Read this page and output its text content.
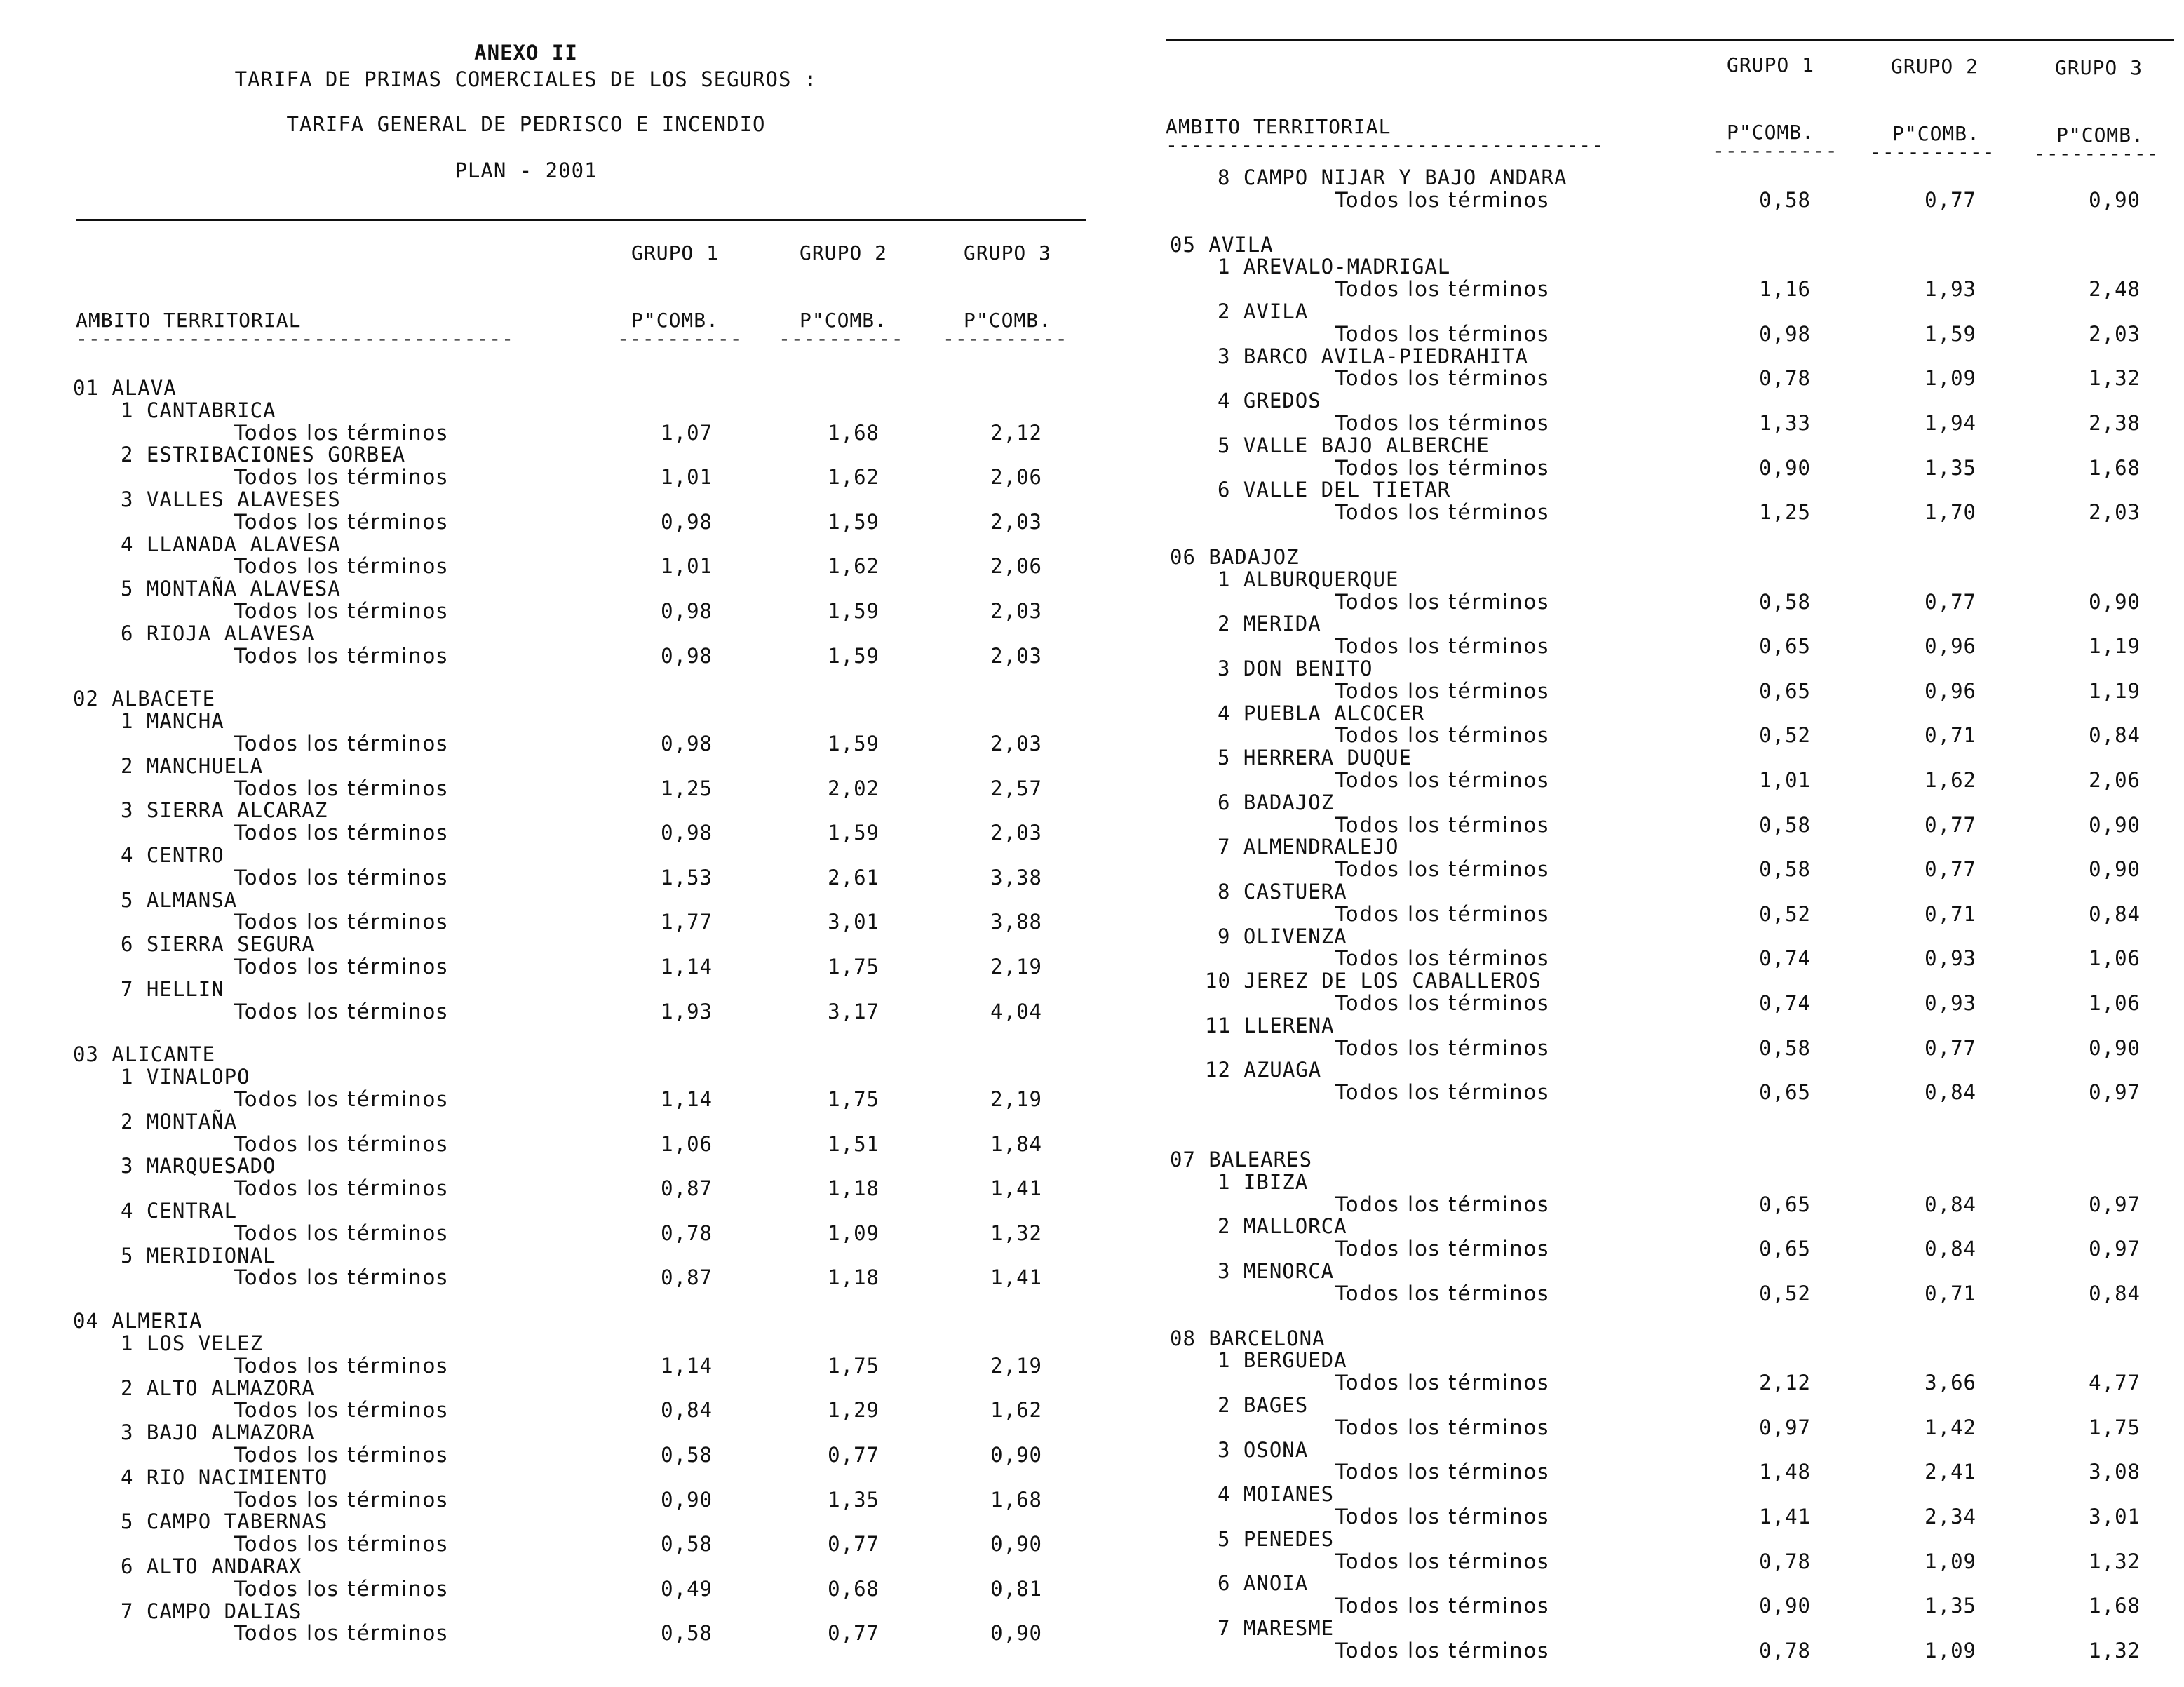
ANEXO II
TARIFA DE PRIMAS COMERCIALES DE LOS SEGUROS :
TARIFA GENERAL DE PEDRISCO E INCENDIO
PLAN - 2001
GRUPO 1	GRUPO 2	GRUPO 3
AMBITO TERRITORIAL	P"COMB.	P"COMB.	P"COMB.
-----------------------------------	---------- ---------- ----------
01 ALAVA
1 CANTABRICA
Todos los términos	1,07	1,68	2,12
2 ESTRIBACIONES GORBEA
Todos los términos	1,01	1,62	2,06
3 VALLES ALAVESES
Todos los términos	0,98	1,59	2,03
4 LLANADA ALAVESA
Todos los términos	1,01	1,62	2,06
5 MONTAÑA ALAVESA
Todos los términos	0,98	1,59	2,03
6 RIOJA ALAVESA
Todos los términos	0,98	1,59	2,03
02 ALBACETE
1 MANCHA
Todos los términos	0,98	1,59	2,03
2 MANCHUELA
Todos los términos	1,25	2,02	2,57
3 SIERRA ALCARAZ
Todos los términos	0,98	1,59	2,03
4 CENTRO
Todos los términos	1,53	2,61	3,38
5 ALMANSA
Todos los términos	1,77	3,01	3,88
6 SIERRA SEGURA
Todos los términos	1,14	1,75	2,19
7 HELLIN
Todos los términos	1,93	3,17	4,04
03 ALICANTE
1 VINALOPO
Todos los términos	1,14	1,75	2,19
2 MONTAÑA
Todos los términos	1,06	1,51	1,84
3 MARQUESADO
Todos los términos	0,87	1,18	1,41
4 CENTRAL
Todos los términos	0,78	1,09	1,32
5 MERIDIONAL
Todos los términos	0,87	1,18	1,41
04 ALMERIA
1 LOS VELEZ
Todos los términos	1,14	1,75	2,19
2 ALTO ALMAZORA
Todos los términos	0,84	1,29	1,62
3 BAJO ALMAZORA
Todos los términos	0,58	0,77	0,90
4 RIO NACIMIENTO
Todos los términos	0,90	1,35	1,68
5 CAMPO TABERNAS
Todos los términos	0,58	0,77	0,90
6 ALTO ANDARAX
Todos los términos	0,49	0,68	0,81
7 CAMPO DALIAS
Todos los términos	0,58	0,77	0,90
GRUPO 1	GRUPO 2	GRUPO 3
AMBITO TERRITORIAL	P"COMB.	P"COMB.	P"COMB.
-----------------------------------	---------- ---------- ----------
8 CAMPO NIJAR Y BAJO ANDARA
Todos los términos	0,58	0,77	0,90
05 AVILA
1 AREVALO-MADRIGAL
Todos los términos	1,16	1,93	2,48
2 AVILA
Todos los términos	0,98	1,59	2,03
3 BARCO AVILA-PIEDRAHITA
Todos los términos	0,78	1,09	1,32
4 GREDOS
Todos los términos	1,33	1,94	2,38
5 VALLE BAJO ALBERCHE
Todos los términos	0,90	1,35	1,68
6 VALLE DEL TIETAR
Todos los términos	1,25	1,70	2,03
06 BADAJOZ
1 ALBURQUERQUE
Todos los términos	0,58	0,77	0,90
2 MERIDA
Todos los términos	0,65	0,96	1,19
3 DON BENITO
Todos los términos	0,65	0,96	1,19
4 PUEBLA ALCOCER
Todos los términos	0,52	0,71	0,84
5 HERRERA DUQUE
Todos los términos	1,01	1,62	2,06
6 BADAJOZ
Todos los términos	0,58	0,77	0,90
7 ALMENDRALEJO
Todos los términos	0,58	0,77	0,90
8 CASTUERA
Todos los términos	0,52	0,71	0,84
9 OLIVENZA
Todos los términos	0,74	0,93	1,06
10 JEREZ DE LOS CABALLEROS
Todos los términos	0,74	0,93	1,06
11 LLERENA
Todos los términos	0,58	0,77	0,90
12 AZUAGA
Todos los términos	0,65	0,84	0,97
07 BALEARES
1 IBIZA
Todos los términos	0,65	0,84	0,97
2 MALLORCA
Todos los términos	0,65	0,84	0,97
3 MENORCA
Todos los términos	0,52	0,71	0,84
08 BARCELONA
1 BERGUEDA
Todos los términos	2,12	3,66	4,77
2 BAGES
Todos los términos	0,97	1,42	1,75
3 OSONA
Todos los términos	1,48	2,41	3,08
4 MOIANES
Todos los términos	1,41	2,34	3,01
5 PENEDES
Todos los términos	0,78	1,09	1,32
6 ANOIA
Todos los términos	0,90	1,35	1,68
7 MARESME
Todos los términos	0,78	1,09	1,32
